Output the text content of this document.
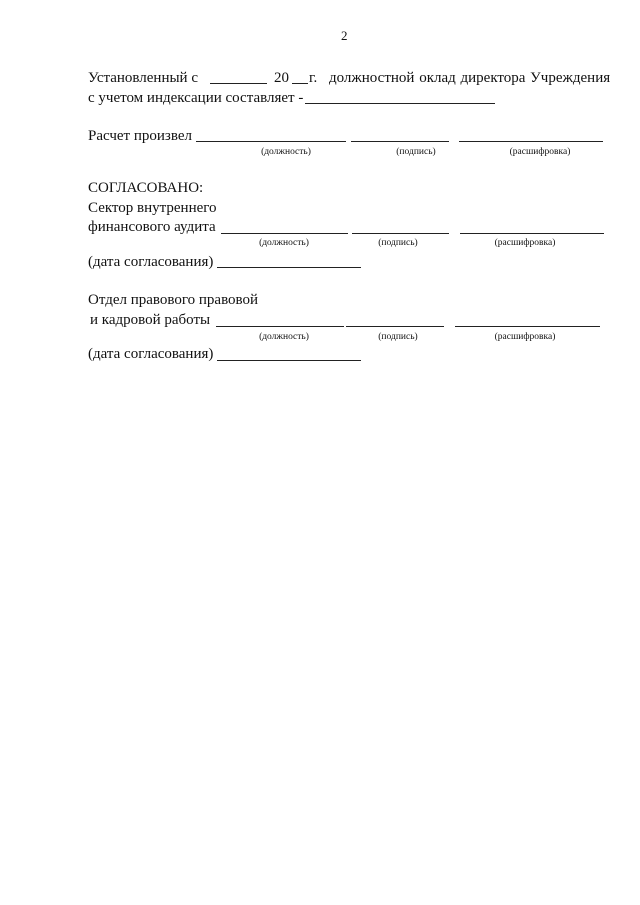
2
Установленный с	20 г. должностной оклад директора Учреждения
с учетом индексации составляет -
Расчет произвел
(должность)	(подпись)	(расшифровка)
СОГЛАСОВАНО:
Сектор внутреннего
финансового аудита
(должность)	(подпись)	(расшифровка)
(дата согласования)
Отдел правового правовой
и кадровой работы
(должность)	(подпись)	(расшифровка)
(дата согласования)
